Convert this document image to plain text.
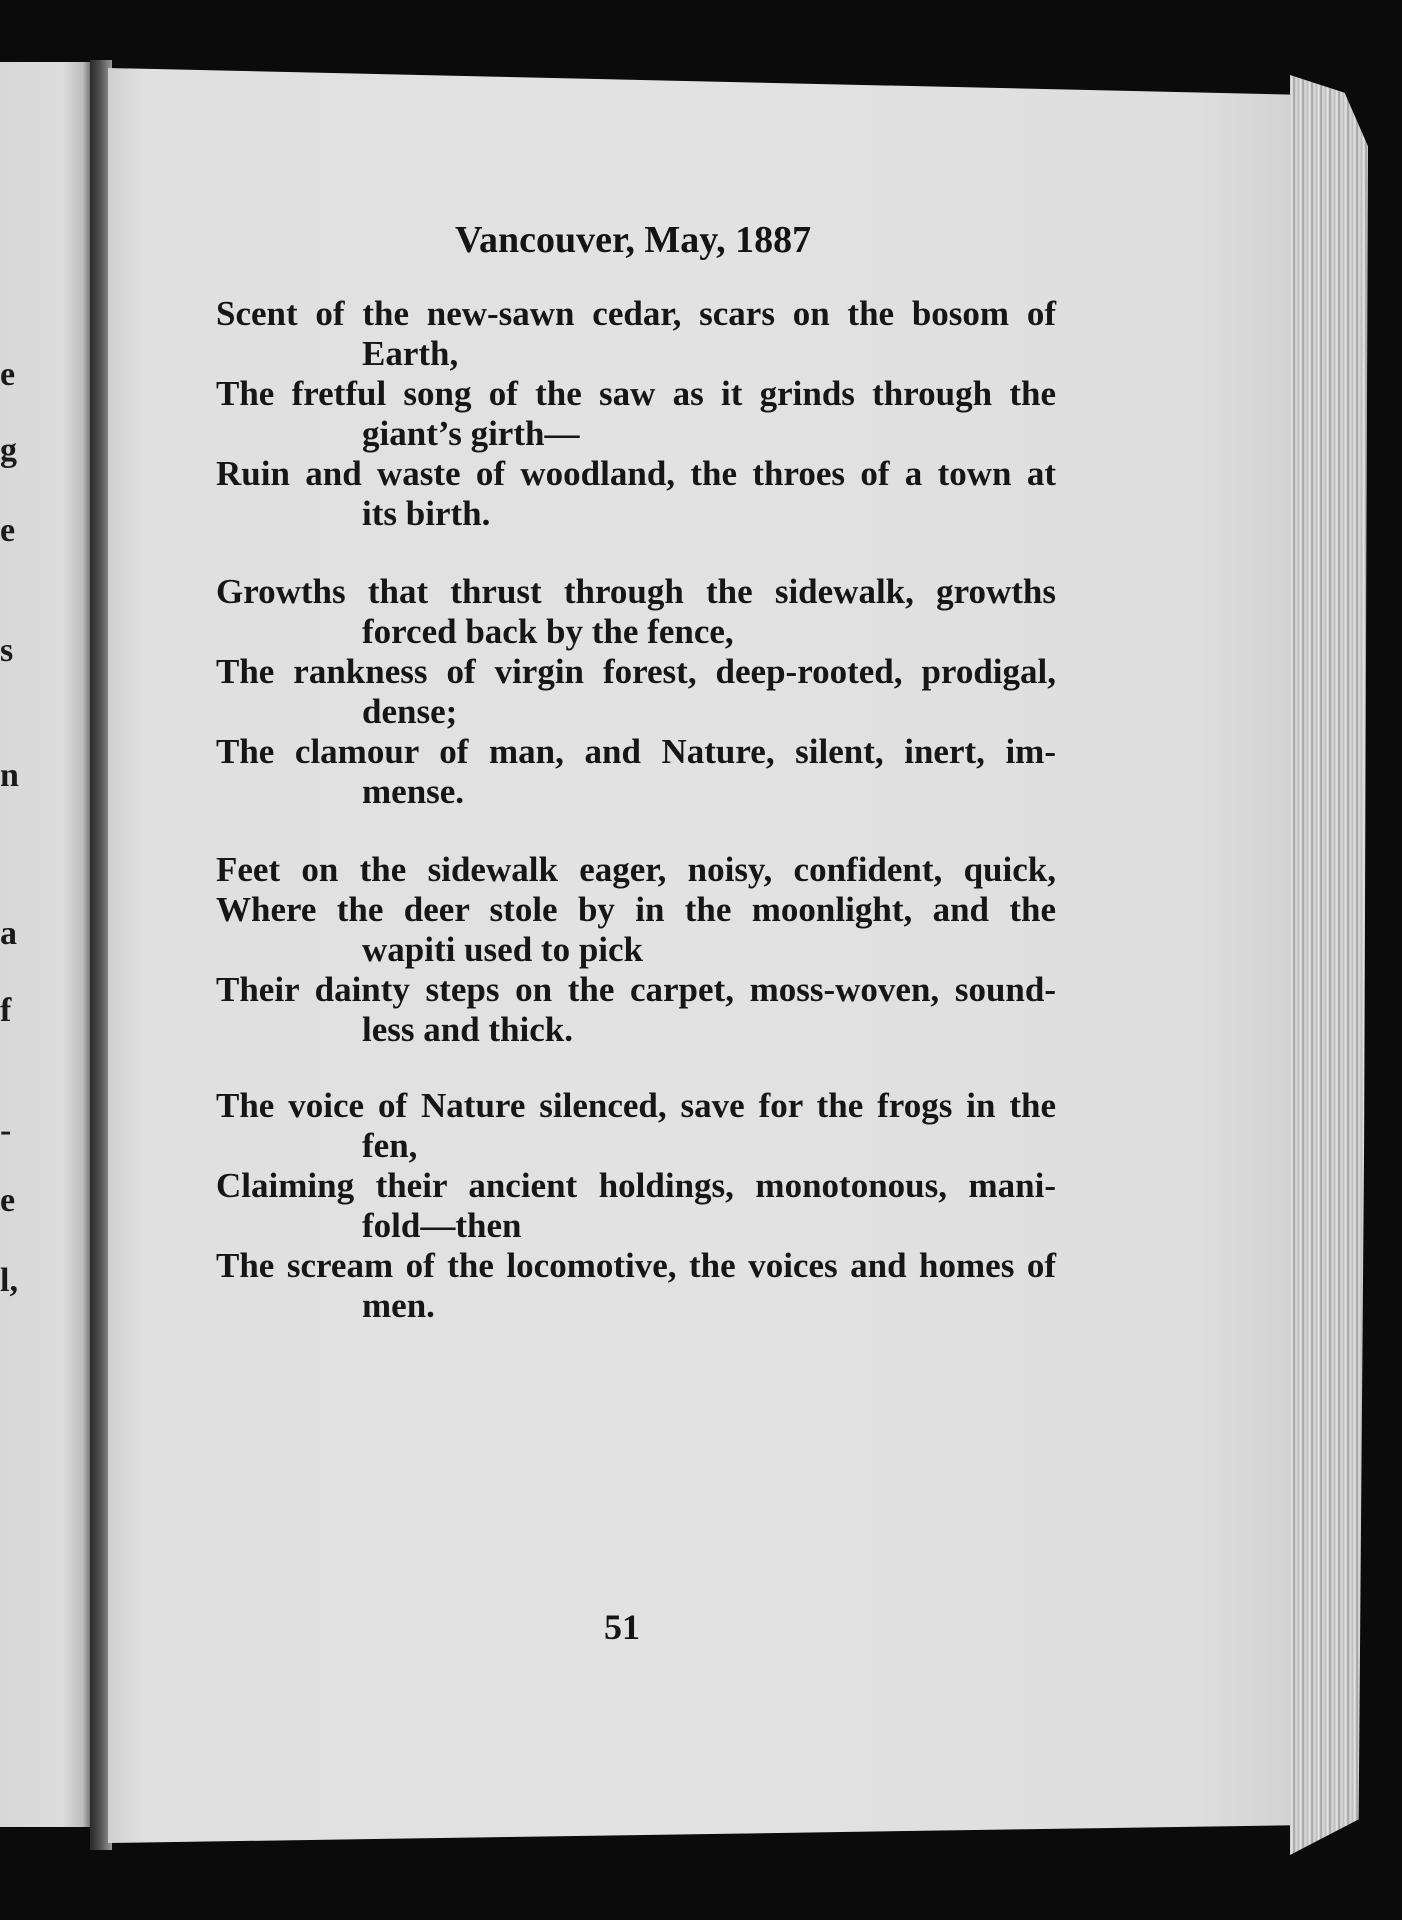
e
g
e
s
n
a
f
-
e
l,
Vancouver, May, 1887
Scent of the new-sawn cedar, scars on the bosom of
Earth,
The fretful song of the saw as it grinds through the
giant’s girth—
Ruin and waste of woodland, the throes of a town at
its birth.
Growths that thrust through the sidewalk, growths
forced back by the fence,
The rankness of virgin forest, deep-rooted, prodigal,
dense;
The clamour of man, and Nature, silent, inert, im-
mense.
Feet on the sidewalk eager, noisy, confident, quick,
Where the deer stole by in the moonlight, and the
wapiti used to pick
Their dainty steps on the carpet, moss-woven, sound-
less and thick.
The voice of Nature silenced, save for the frogs in the
fen,
Claiming their ancient holdings, monotonous, mani-
fold—then
The scream of the locomotive, the voices and homes of
men.
51
